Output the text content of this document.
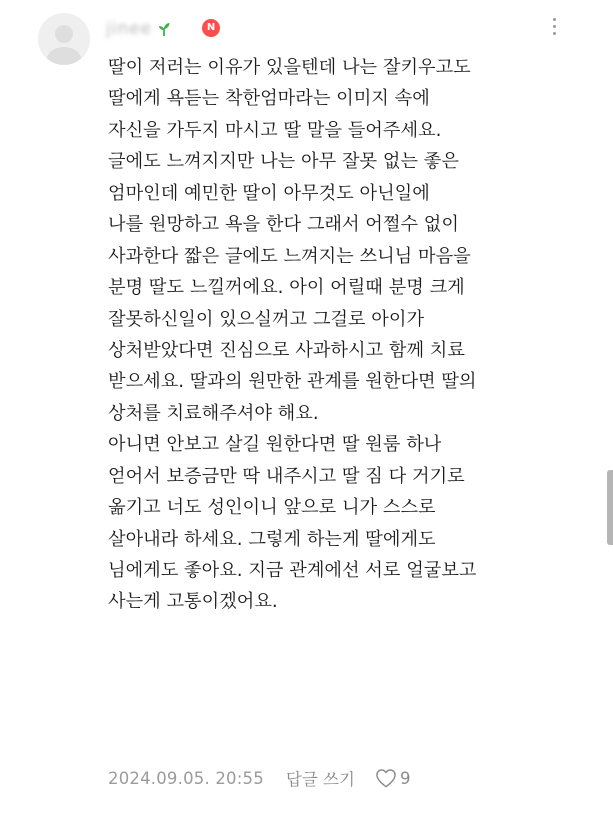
jinee	N
딸이 저러는 이유가 있을텐데 나는 잘키우고도
딸에게 욕듣는 착한엄마라는 이미지 속에
자신을 가두지 마시고 딸 말을 들어주세요.
글에도 느껴지지만 나는 아무 잘못 없는 좋은
엄마인데 예민한 딸이 아무것도 아닌일에
나를 원망하고 욕을 한다 그래서 어쩔수 없이
사과한다 짧은 글에도 느껴지는 쓰니님 마음을
분명 딸도 느낄꺼에요. 아이 어릴때 분명 크게
잘못하신일이 있으실꺼고 그걸로 아이가
상처받았다면 진심으로 사과하시고 함께 치료
받으세요. 딸과의 원만한 관계를 원한다면 딸의
상처를 치료해주셔야 해요.
아니면 안보고 살길 원한다면 딸 원룸 하나
얻어서 보증금만 딱 내주시고 딸 짐 다 거기로
옮기고 너도 성인이니 앞으로 니가 스스로
살아내라 하세요. 그렇게 하는게 딸에게도
님에게도 좋아요. 지금 관계에선 서로 얼굴보고
사는게 고통이겠어요.
2024.09.05. 20:55 답글 쓰기	9
